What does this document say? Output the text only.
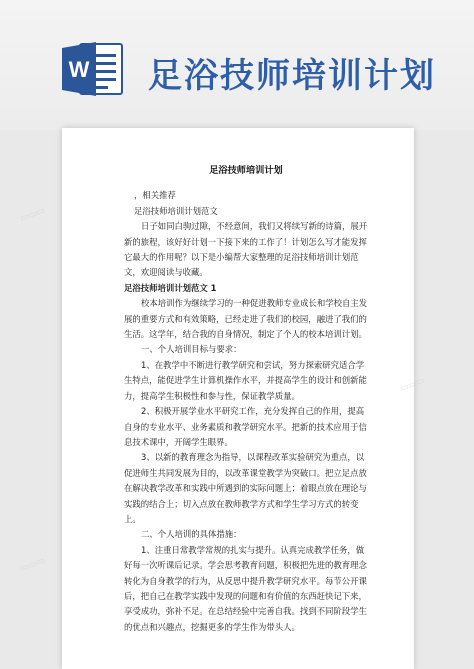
W 足浴技师培训计划
足浴技师培训计划
，相关推荐
足浴技师培训计划范文
日子如同白驹过隙，不经意间，我们又将续写新的诗篇，展开新的旅程，该好好计划一下接下来的工作了！计划怎么写才能发挥它最大的作用呢？以下是小编帮大家整理的足浴技师培训计划范文，欢迎阅读与收藏。
足浴技师培训计划范文 1
校本培训作为继续学习的一种促进教师专业成长和学校自主发展的重要方式和有效策略，已经走进了我们的校园，融进了我们的生活。这学年，结合我的自身情况，制定了个人的校本培训计划。
一、个人培训目标与要求：
1、在教学中不断进行教学研究和尝试，努力探索研究适合学生特点，能促进学生计算机操作水平，并提高学生的设计和创新能力，提高学生积极性和参与性，保证教学质量。
2、积极开展学业水平研究工作，充分发挥自己的作用，提高自身的专业水平、业务素质和教学研究水平。把新的技术应用于信息技术课中，开阔学生眼界。
3、以新的教育理念为指导，以课程改革实验研究为重点，以促进师生共同发展为目的，以改革课堂教学为突破口。把立足点放在解决教学改革和实践中所遇到的实际问题上；着眼点放在理论与实践的结合上；切入点放在教师教学方式和学生学习方式的转变上。
二、个人培训的具体措施：
1、注重日常教学常规的扎实与提升。认真完成教学任务，做好每一次听课后记录。学会思考教育问题，积极把先进的教育理念转化为自身教学的行为，从反思中提升教学研究水平。每节公开课后，把自己在教学实践中发现的问题和有价值的东西赶快记下来，享受成功，弥补不足。在总结经验中完善自我。找到不同阶段学生的优点和兴趣点，挖掘更多的学生作为带头人。
▭▭▭
▭▭▭
▭▭▭
